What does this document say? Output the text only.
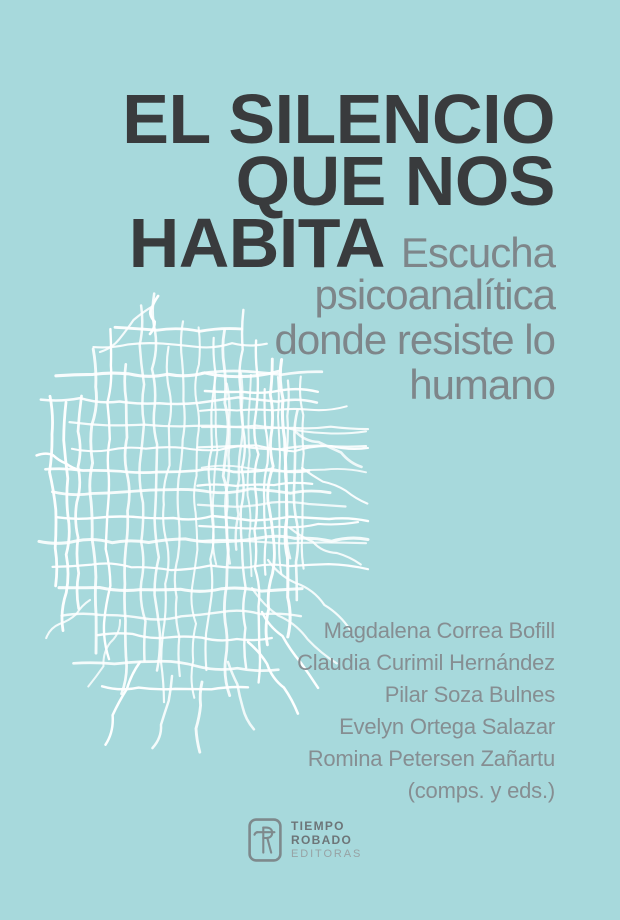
EL SILENCIO
QUE NOS
HABITA Escucha
psicoanalítica
donde resiste lo
humano
Magdalena Correa Bofill
Claudia Curimil Hernández
Pilar Soza Bulnes
Evelyn Ortega Salazar
Romina Petersen Zañartu
(comps. y eds.)
TIEMPO
ROBADO
EDITORAS
